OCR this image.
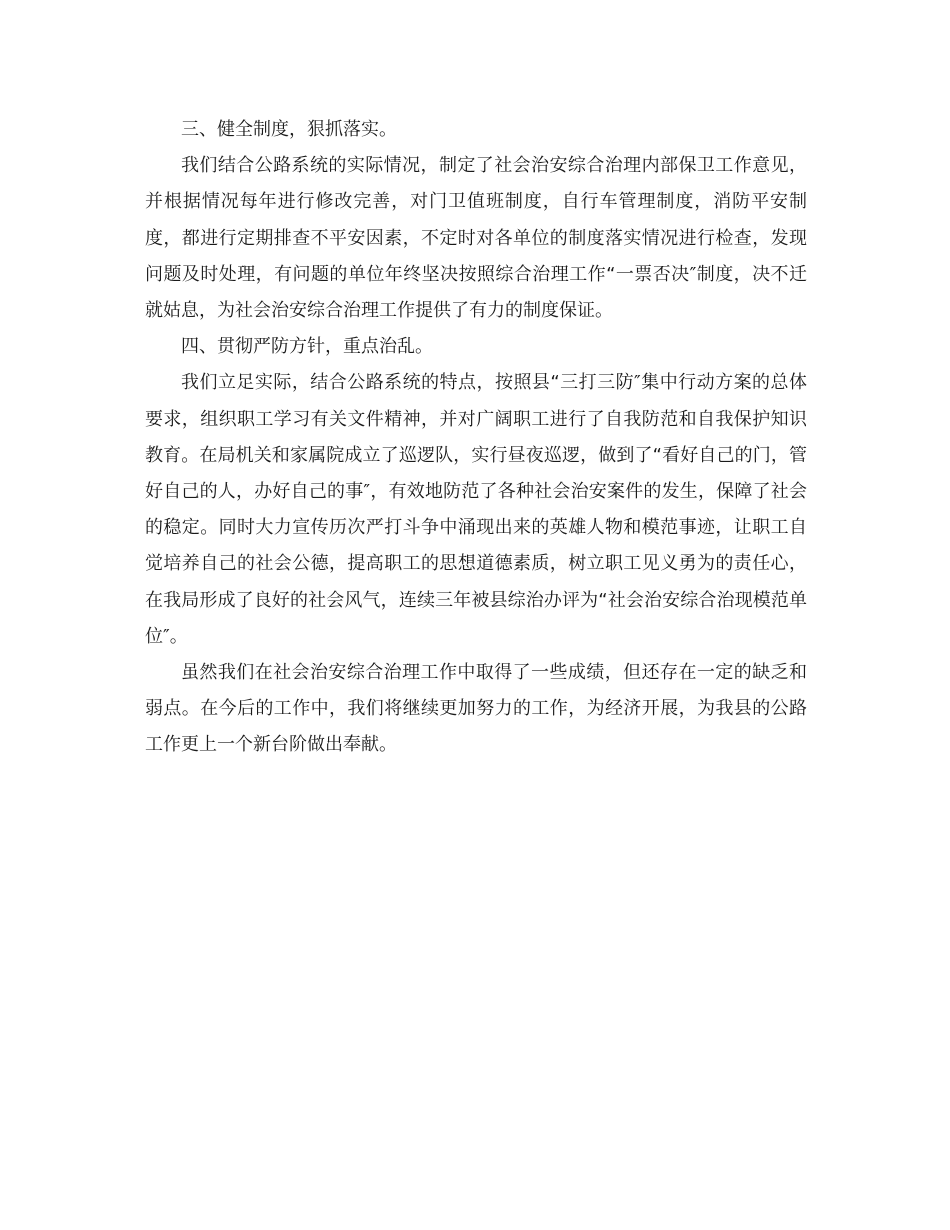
三、健全制度，狠抓落实。

我们结合公路系统的实际情况，制定了社会治安综合治理内部保卫工作意见，并根据情况每年进行修改完善，对门卫值班制度，自行车管理制度，消防平安制度，都进行定期排查不平安因素，不定时对各单位的制度落实情况进行检查，发现问题及时处理，有问题的单位年终坚决按照综合治理工作“一票否决″制度，决不迁就姑息，为社会治安综合治理工作提供了有力的制度保证。

四、贯彻严防方针，重点治乱。

我们立足实际，结合公路系统的特点，按照县“三打三防″集中行动方案的总体要求，组织职工学习有关文件精神，并对广阔职工进行了自我防范和自我保护知识教育。在局机关和家属院成立了巡逻队，实行昼夜巡逻，做到了“看好自己的门，管好自己的人，办好自己的事″，有效地防范了各种社会治安案件的发生，保障了社会的稳定。同时大力宣传历次严打斗争中涌现出来的英雄人物和模范事迹，让职工自觉培养自己的社会公德，提高职工的思想道德素质，树立职工见义勇为的责任心，在我局形成了良好的社会风气，连续三年被县综治办评为“社会治安综合治现模范单位″。

虽然我们在社会治安综合治理工作中取得了一些成绩，但还存在一定的缺乏和弱点。在今后的工作中，我们将继续更加努力的工作，为经济开展，为我县的公路工作更上一个新台阶做出奉献。
